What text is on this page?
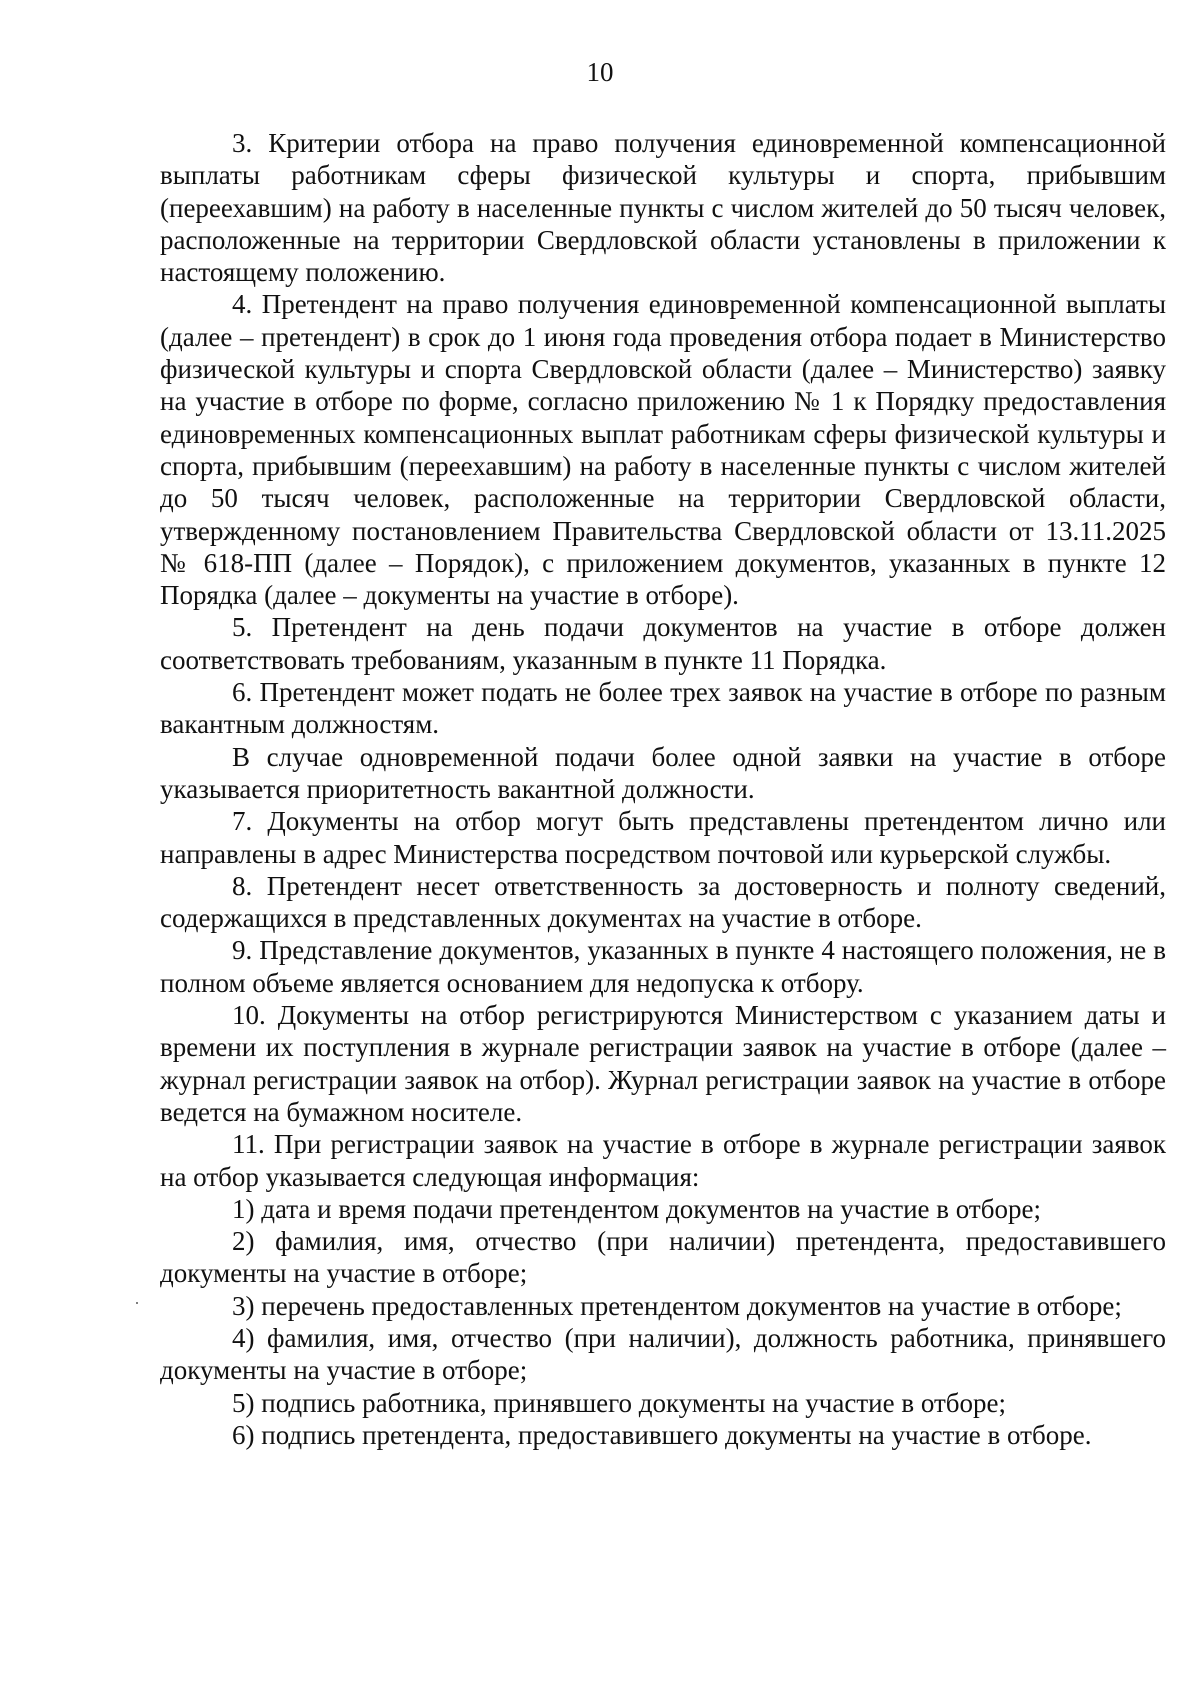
10

3. Критерии отбора на право получения единовременной компенсационной выплаты работникам сферы физической культуры и спорта, прибывшим (переехавшим) на работу в населенные пункты с числом жителей до 50 тысяч человек, расположенные на территории Свердловской области установлены в приложении к настоящему положению.

4. Претендент на право получения единовременной компенсационной выплаты (далее – претендент) в срок до 1 июня года проведения отбора подает в Министерство физической культуры и спорта Свердловской области (далее – Министерство) заявку на участие в отборе по форме, согласно приложению № 1 к Порядку предоставления единовременных компенсационных выплат работникам сферы физической культуры и спорта, прибывшим (переехавшим) на работу в населенные пункты с числом жителей до 50 тысяч человек, расположенные на территории Свердловской области, утвержденному постановлением Правительства Свердловской области от 13.11.2025 № 618-ПП (далее – Порядок), с приложением документов, указанных в пункте 12 Порядка (далее – документы на участие в отборе).

5. Претендент на день подачи документов на участие в отборе должен соответствовать требованиям, указанным в пункте 11 Порядка.

6. Претендент может подать не более трех заявок на участие в отборе по разным вакантным должностям.

В случае одновременной подачи более одной заявки на участие в отборе указывается приоритетность вакантной должности.

7. Документы на отбор могут быть представлены претендентом лично или направлены в адрес Министерства посредством почтовой или курьерской службы.

8. Претендент несет ответственность за достоверность и полноту сведений, содержащихся в представленных документах на участие в отборе.

9. Представление документов, указанных в пункте 4 настоящего положения, не в полном объеме является основанием для недопуска к отбору.

10. Документы на отбор регистрируются Министерством с указанием даты и времени их поступления в журнале регистрации заявок на участие в отборе (далее – журнал регистрации заявок на отбор). Журнал регистрации заявок на участие в отборе ведется на бумажном носителе.

11. При регистрации заявок на участие в отборе в журнале регистрации заявок на отбор указывается следующая информация:

1) дата и время подачи претендентом документов на участие в отборе;

2) фамилия, имя, отчество (при наличии) претендента, предоставившего документы на участие в отборе;

3) перечень предоставленных претендентом документов на участие в отборе;

4) фамилия, имя, отчество (при наличии), должность работника, принявшего документы на участие в отборе;

5) подпись работника, принявшего документы на участие в отборе;

6) подпись претендента, предоставившего документы на участие в отборе.
